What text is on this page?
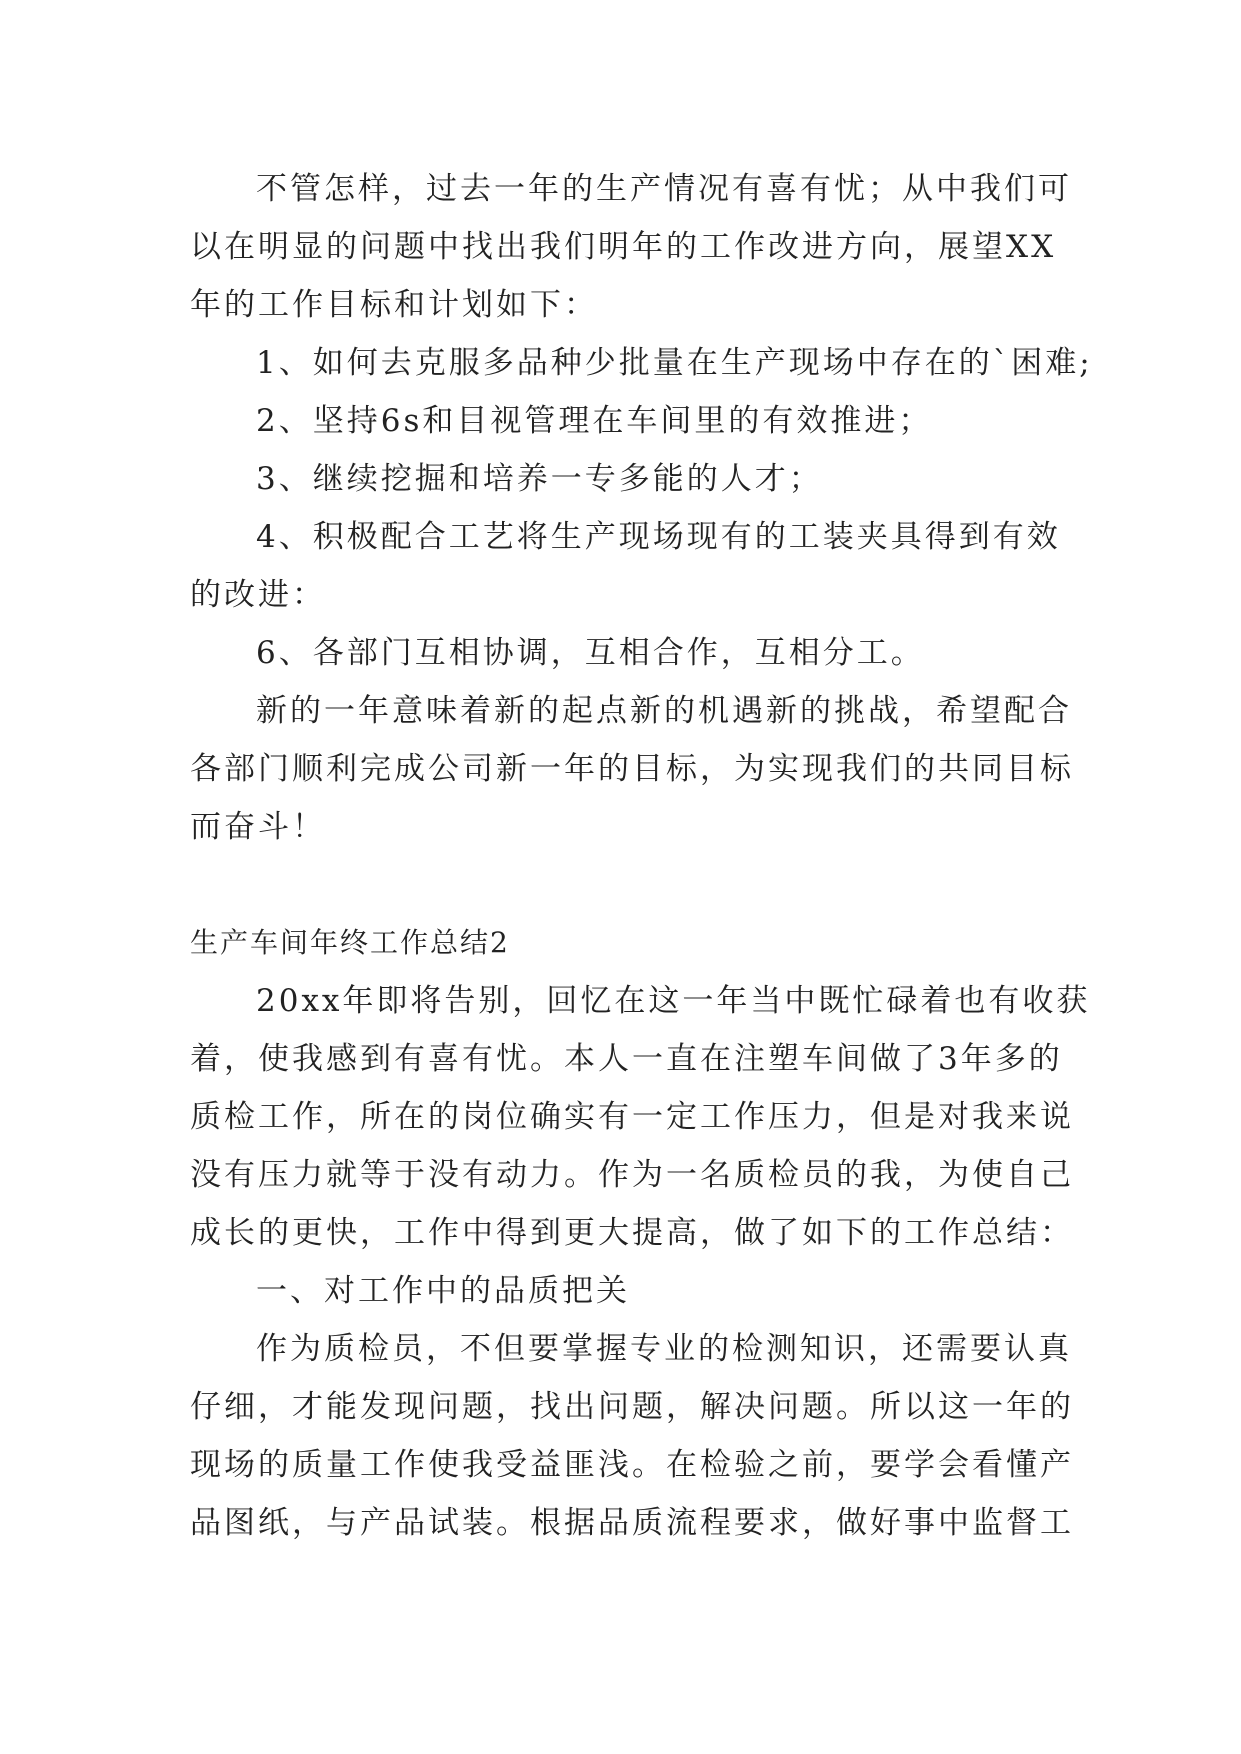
不管怎样，过去一年的生产情况有喜有忧；从中我们可
以在明显的问题中找出我们明年的工作改进方向，展望XX
年的工作目标和计划如下：
1、如何去克服多品种少批量在生产现场中存在的`困难;
2、坚持6s和目视管理在车间里的有效推进；
3、继续挖掘和培养一专多能的人才；
4、积极配合工艺将生产现场现有的工装夹具得到有效
的改进：
6、各部门互相协调，互相合作，互相分工。
新的一年意味着新的起点新的机遇新的挑战，希望配合
各部门顺利完成公司新一年的目标，为实现我们的共同目标
而奋斗！
生产车间年终工作总结2
20xx年即将告别，回忆在这一年当中既忙碌着也有收获
着，使我感到有喜有忧。本人一直在注塑车间做了3年多的
质检工作，所在的岗位确实有一定工作压力，但是对我来说
没有压力就等于没有动力。作为一名质检员的我，为使自己
成长的更快，工作中得到更大提高，做了如下的工作总结：
一、对工作中的品质把关
作为质检员，不但要掌握专业的检测知识，还需要认真
仔细，才能发现问题，找出问题，解决问题。所以这一年的
现场的质量工作使我受益匪浅。在检验之前，要学会看懂产
品图纸，与产品试装。根据品质流程要求，做好事中监督工
